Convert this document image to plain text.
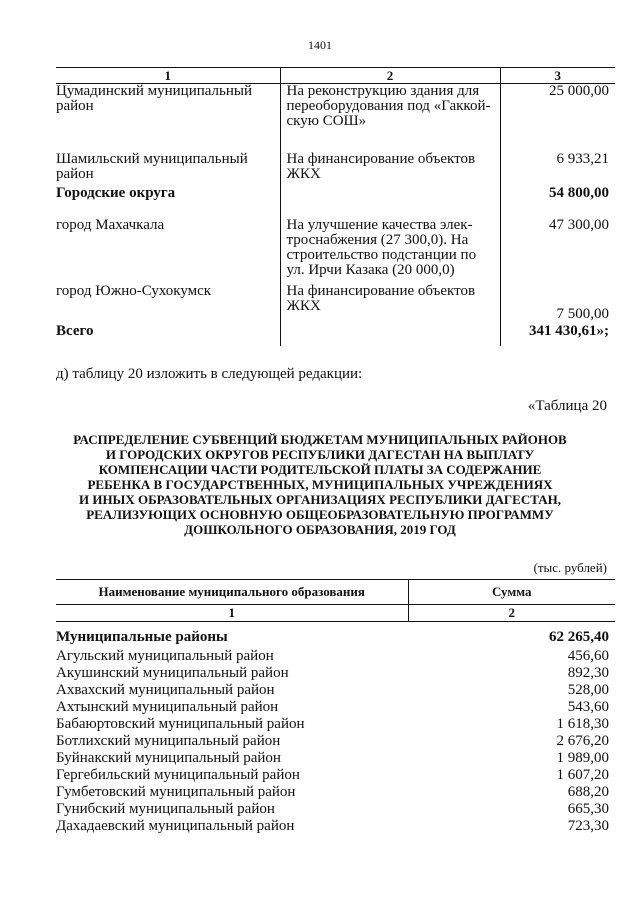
1401
1	2	3
Цумадинский муниципальный район	На реконструкцию здания для переоборудования под «Гаккой-скую СОШ»	25 000,00
Шамильский муниципальный район	На финансирование объектов ЖКХ	6 933,21
Городские округа		54 800,00
город Махачкала	На улучшение качества элек-троснабжения (27 300,0). На строительство подстанции по ул. Ирчи Казака (20 000,0)	47 300,00
город Южно-Сухокумск	На финансирование объектов ЖКХ	7 500,00
Всего		341 430,61»;
д) таблицу 20 изложить в следующей редакции:
«Таблица 20
РАСПРЕДЕЛЕНИЕ СУБВЕНЦИЙ БЮДЖЕТАМ МУНИЦИПАЛЬНЫХ РАЙОНОВ
И ГОРОДСКИХ ОКРУГОВ РЕСПУБЛИКИ ДАГЕСТАН НА ВЫПЛАТУ
КОМПЕНСАЦИИ ЧАСТИ РОДИТЕЛЬСКОЙ ПЛАТЫ ЗА СОДЕРЖАНИЕ
РЕБЕНКА В ГОСУДАРСТВЕННЫХ, МУНИЦИПАЛЬНЫХ УЧРЕЖДЕНИЯХ
И ИНЫХ ОБРАЗОВАТЕЛЬНЫХ ОРГАНИЗАЦИЯХ РЕСПУБЛИКИ ДАГЕСТАН,
РЕАЛИЗУЮЩИХ ОСНОВНУЮ ОБЩЕОБРАЗОВАТЕЛЬНУЮ ПРОГРАММУ
ДОШКОЛЬНОГО ОБРАЗОВАНИЯ, 2019 ГОД
(тыс. рублей)
Наименование муниципального образования	Сумма
1	2
Муниципальные районы	62 265,40
Агульский муниципальный район	456,60
Акушинский муниципальный район	892,30
Ахвахский муниципальный район	528,00
Ахтынский муниципальный район	543,60
Бабаюртовский муниципальный район	1 618,30
Ботлихский муниципальный район	2 676,20
Буйнакский муниципальный район	1 989,00
Гергебильский муниципальный район	1 607,20
Гумбетовский муниципальный район	688,20
Гунибский муниципальный район	665,30
Дахадаевский муниципальный район	723,30
